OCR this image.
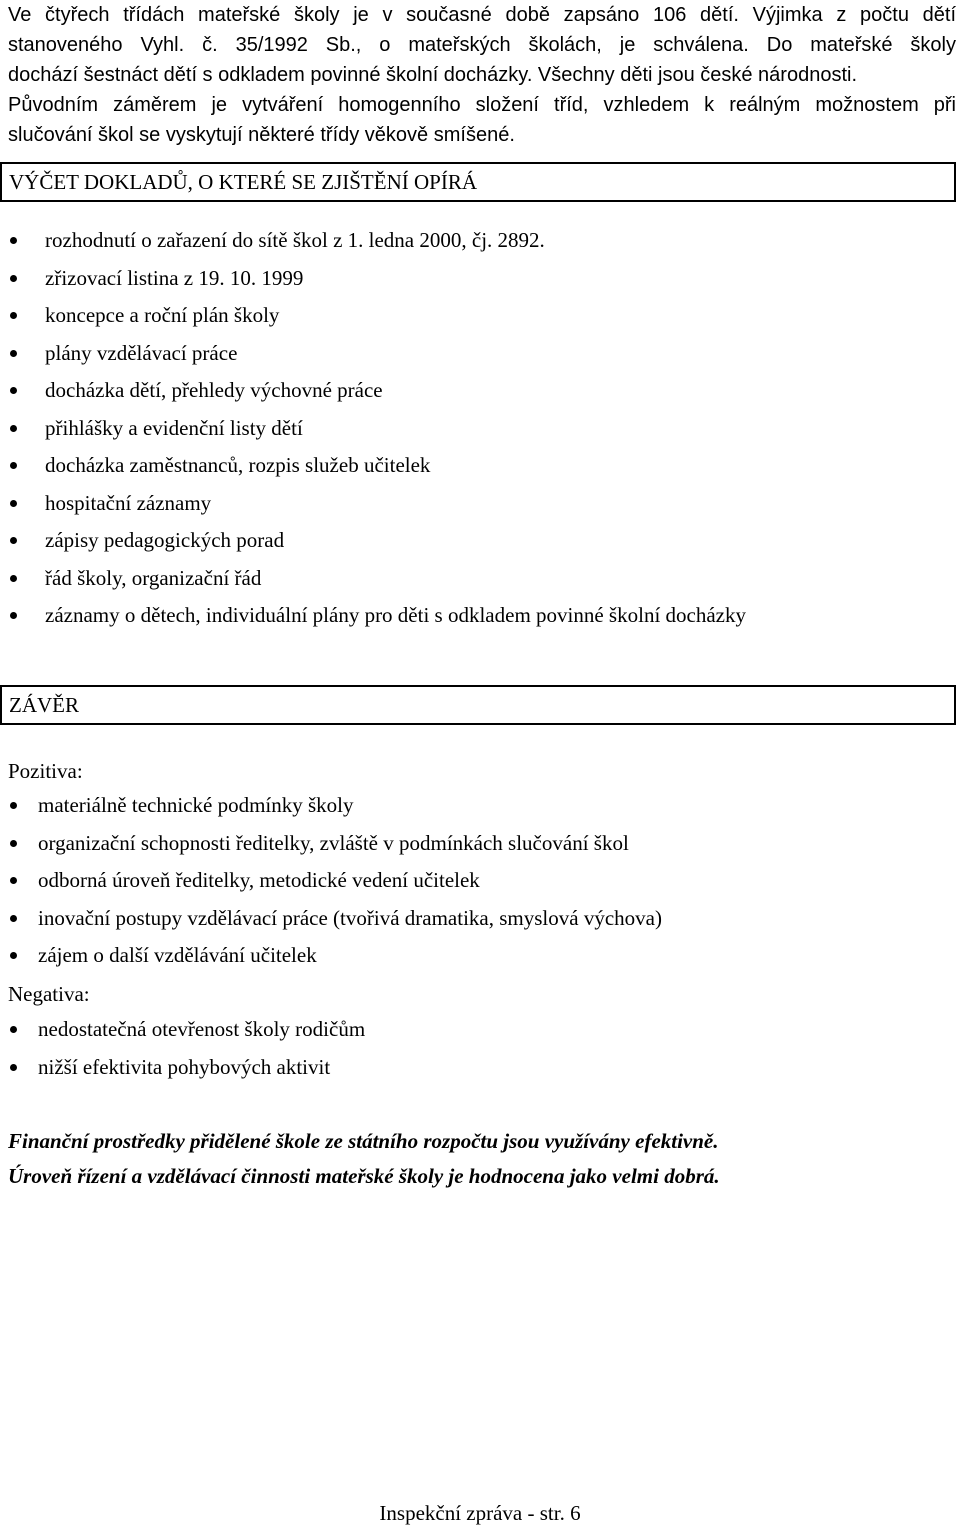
Ve čtyřech třídách mateřské školy je v současné době zapsáno 106 dětí. Výjimka z počtu dětí
stanoveného Vyhl. č. 35/1992 Sb., o mateřských školách, je schválena. Do mateřské školy
dochází šestnáct dětí s odkladem povinné školní docházky. Všechny děti jsou české národnosti.
Původním záměrem je vytváření homogenního složení tříd, vzhledem k reálným možnostem při
slučování škol se vyskytují některé třídy věkově smíšené.

VÝČET DOKLADŮ, O KTERÉ SE ZJIŠTĚNÍ OPÍRÁ
rozhodnutí o zařazení do sítě škol z 1. ledna 2000, čj. 2892.
zřizovací listina z 19. 10. 1999
koncepce a roční plán školy
plány vzdělávací práce
docházka dětí, přehledy výchovné práce
přihlášky a evidenční listy dětí
docházka zaměstnanců, rozpis služeb učitelek
hospitační záznamy
zápisy pedagogických porad
řád školy, organizační řád
záznamy o dětech, individuální plány pro děti s odkladem povinné školní docházky
ZÁVĚR
Pozitiva:
materiálně technické podmínky školy
organizační schopnosti ředitelky, zvláště v podmínkách slučování škol
odborná úroveň ředitelky, metodické vedení učitelek
inovační postupy vzdělávací práce (tvořivá dramatika, smyslová výchova)
zájem o další vzdělávání učitelek
Negativa:
nedostatečná otevřenost školy rodičům
nižší efektivita pohybových aktivit

Finanční prostředky přidělené škole ze státního rozpočtu jsou využívány efektivně.

Úroveň řízení a vzdělávací činnosti mateřské školy je hodnocena jako velmi dobrá.

Inspekční zpráva - str. 6
